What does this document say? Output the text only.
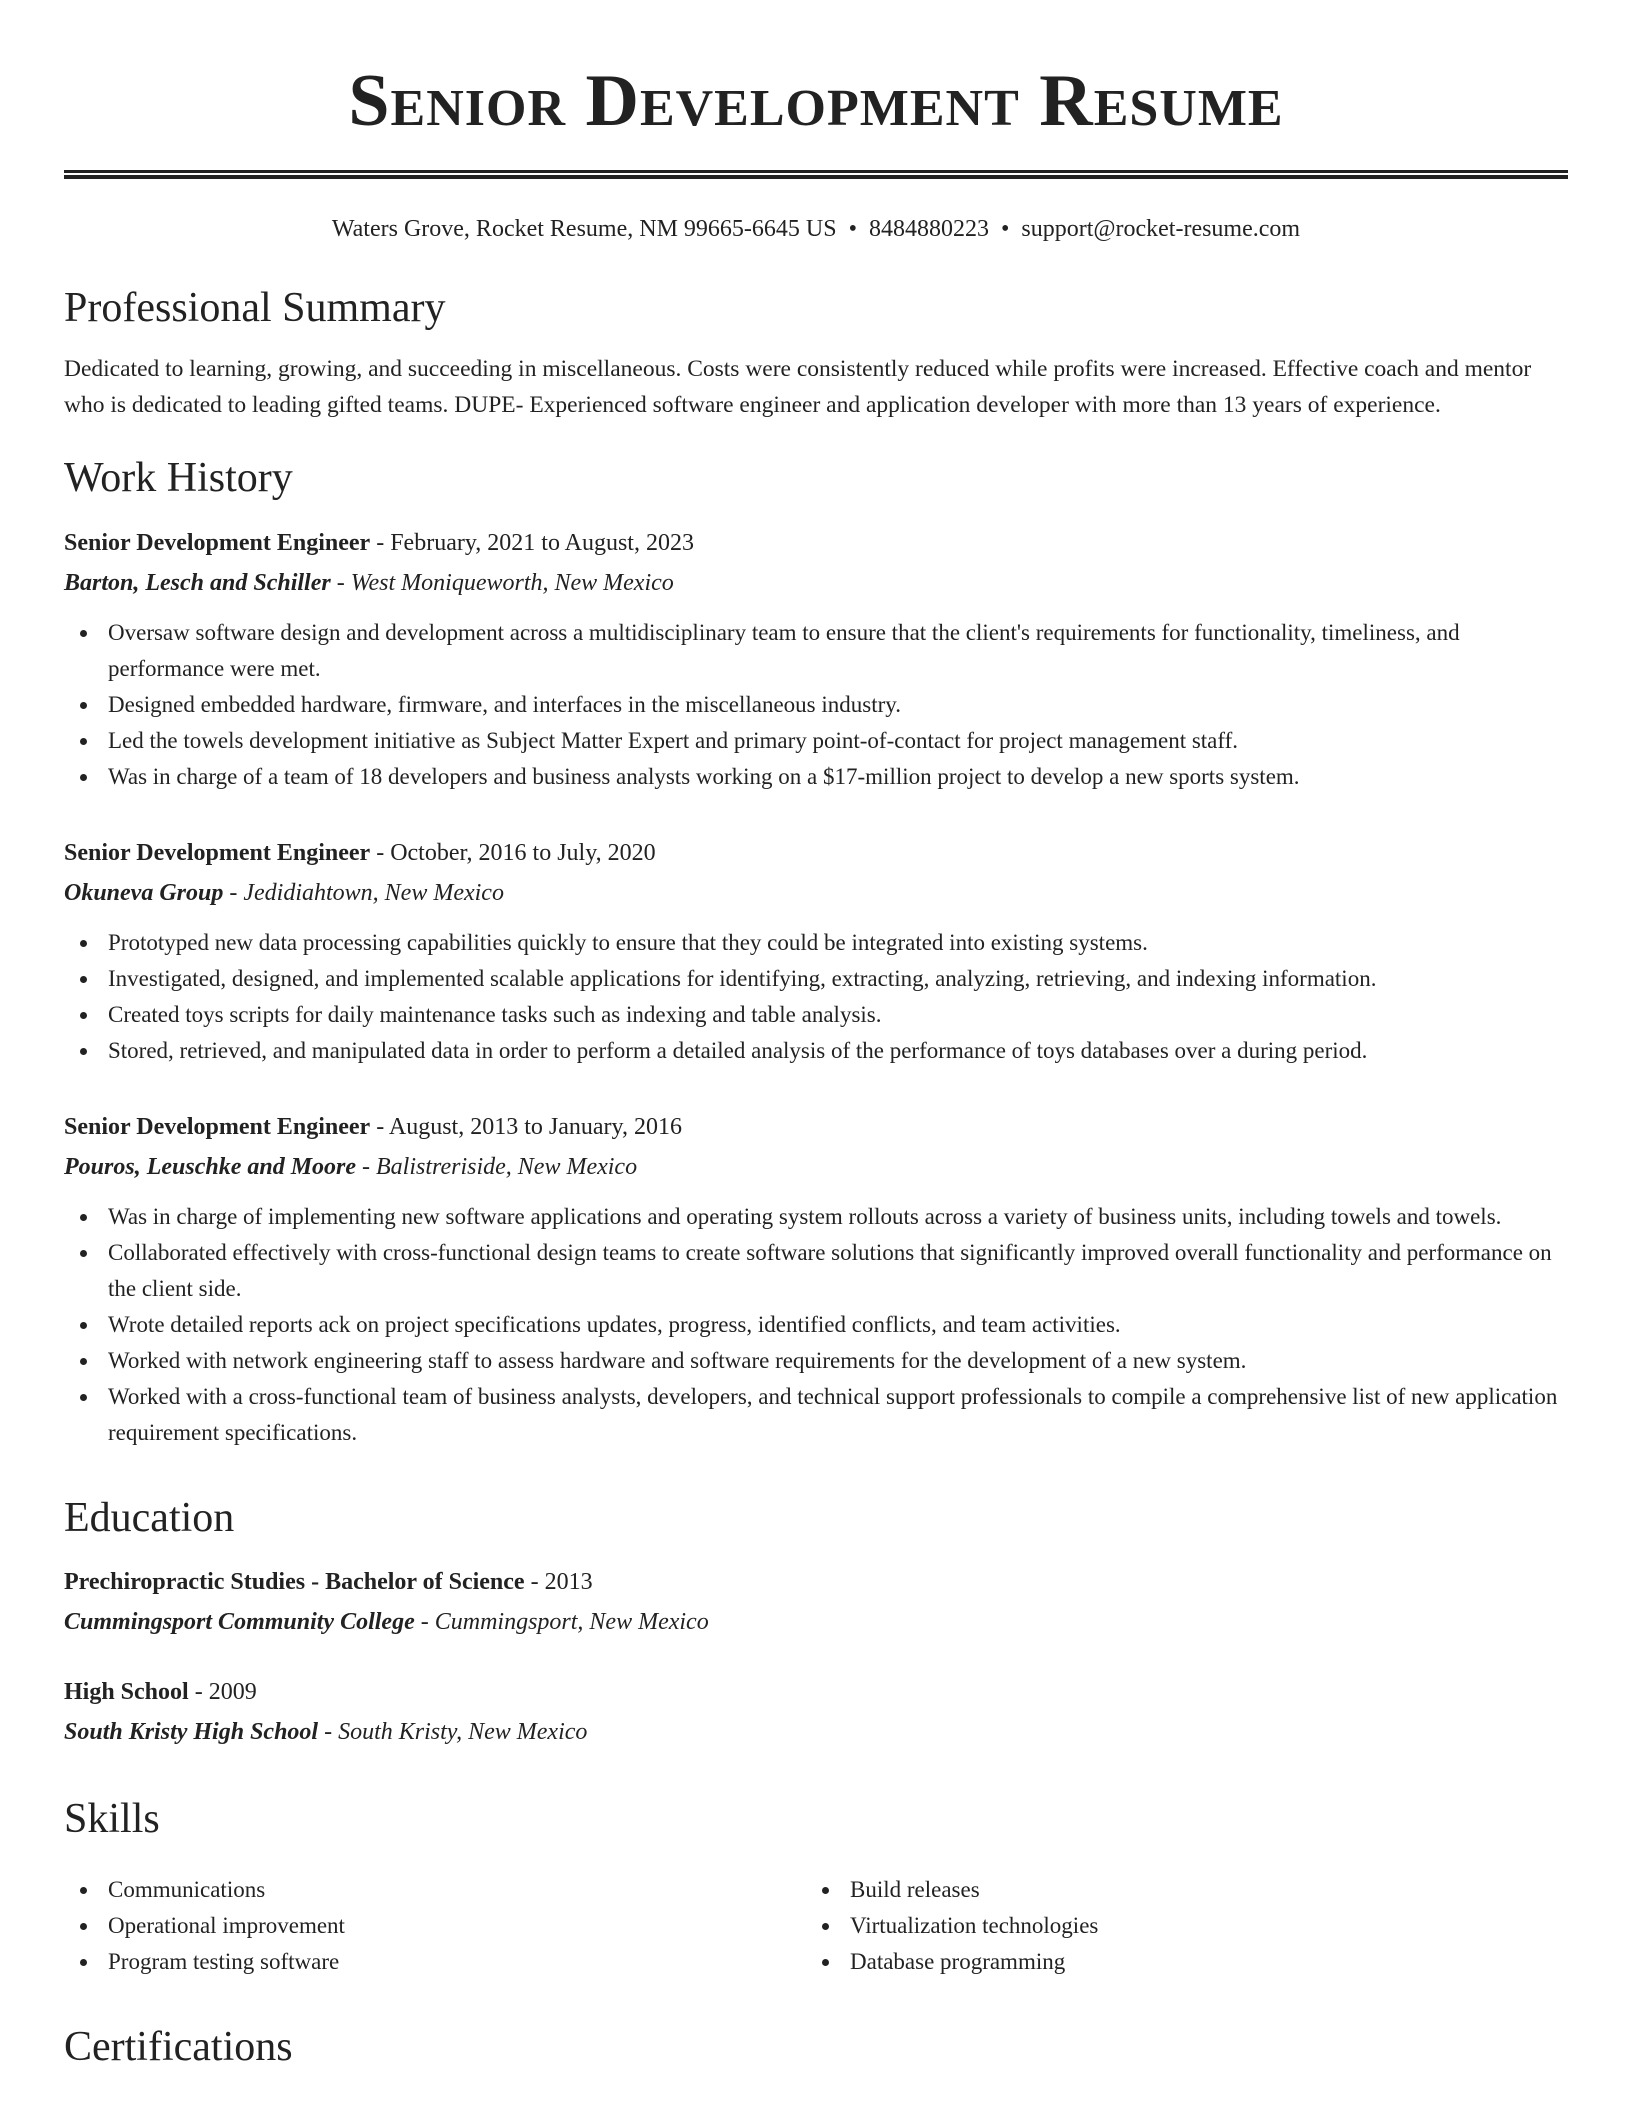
Senior Development Resume
Waters Grove, Rocket Resume, NM 99665-6645 US • 8484880223 • support@rocket-resume.com
Professional Summary

Dedicated to learning, growing, and succeeding in miscellaneous. Costs were consistently reduced while profits were increased. Effective coach and mentor who is dedicated to leading gifted teams. DUPE- Experienced software engineer and application developer with more than 13 years of experience.

Work History
Senior Development Engineer - February, 2021 to August, 2023
Barton, Lesch and Schiller - West Moniqueworth, New Mexico
Oversaw software design and development across a multidisciplinary team to ensure that the client's requirements for functionality, timeliness, and performance were met.
Designed embedded hardware, firmware, and interfaces in the miscellaneous industry.
Led the towels development initiative as Subject Matter Expert and primary point-of-contact for project management staff.
Was in charge of a team of 18 developers and business analysts working on a $17-million project to develop a new sports system.
Senior Development Engineer - October, 2016 to July, 2020
Okuneva Group - Jedidiahtown, New Mexico
Prototyped new data processing capabilities quickly to ensure that they could be integrated into existing systems.
Investigated, designed, and implemented scalable applications for identifying, extracting, analyzing, retrieving, and indexing information.
Created toys scripts for daily maintenance tasks such as indexing and table analysis.
Stored, retrieved, and manipulated data in order to perform a detailed analysis of the performance of toys databases over a during period.
Senior Development Engineer - August, 2013 to January, 2016
Pouros, Leuschke and Moore - Balistreriside, New Mexico
Was in charge of implementing new software applications and operating system rollouts across a variety of business units, including towels and towels.
Collaborated effectively with cross-functional design teams to create software solutions that significantly improved overall functionality and performance on the client side.
Wrote detailed reports ack on project specifications updates, progress, identified conflicts, and team activities.
Worked with network engineering staff to assess hardware and software requirements for the development of a new system.
Worked with a cross-functional team of business analysts, developers, and technical support professionals to compile a comprehensive list of new application requirement specifications.
Education
Prechiropractic Studies - Bachelor of Science - 2013
Cummingsport Community College - Cummingsport, New Mexico
High School - 2009
South Kristy High School - South Kristy, New Mexico
Skills
Communications
Operational improvement
Program testing software
Build releases
Virtualization technologies
Database programming
Certifications
